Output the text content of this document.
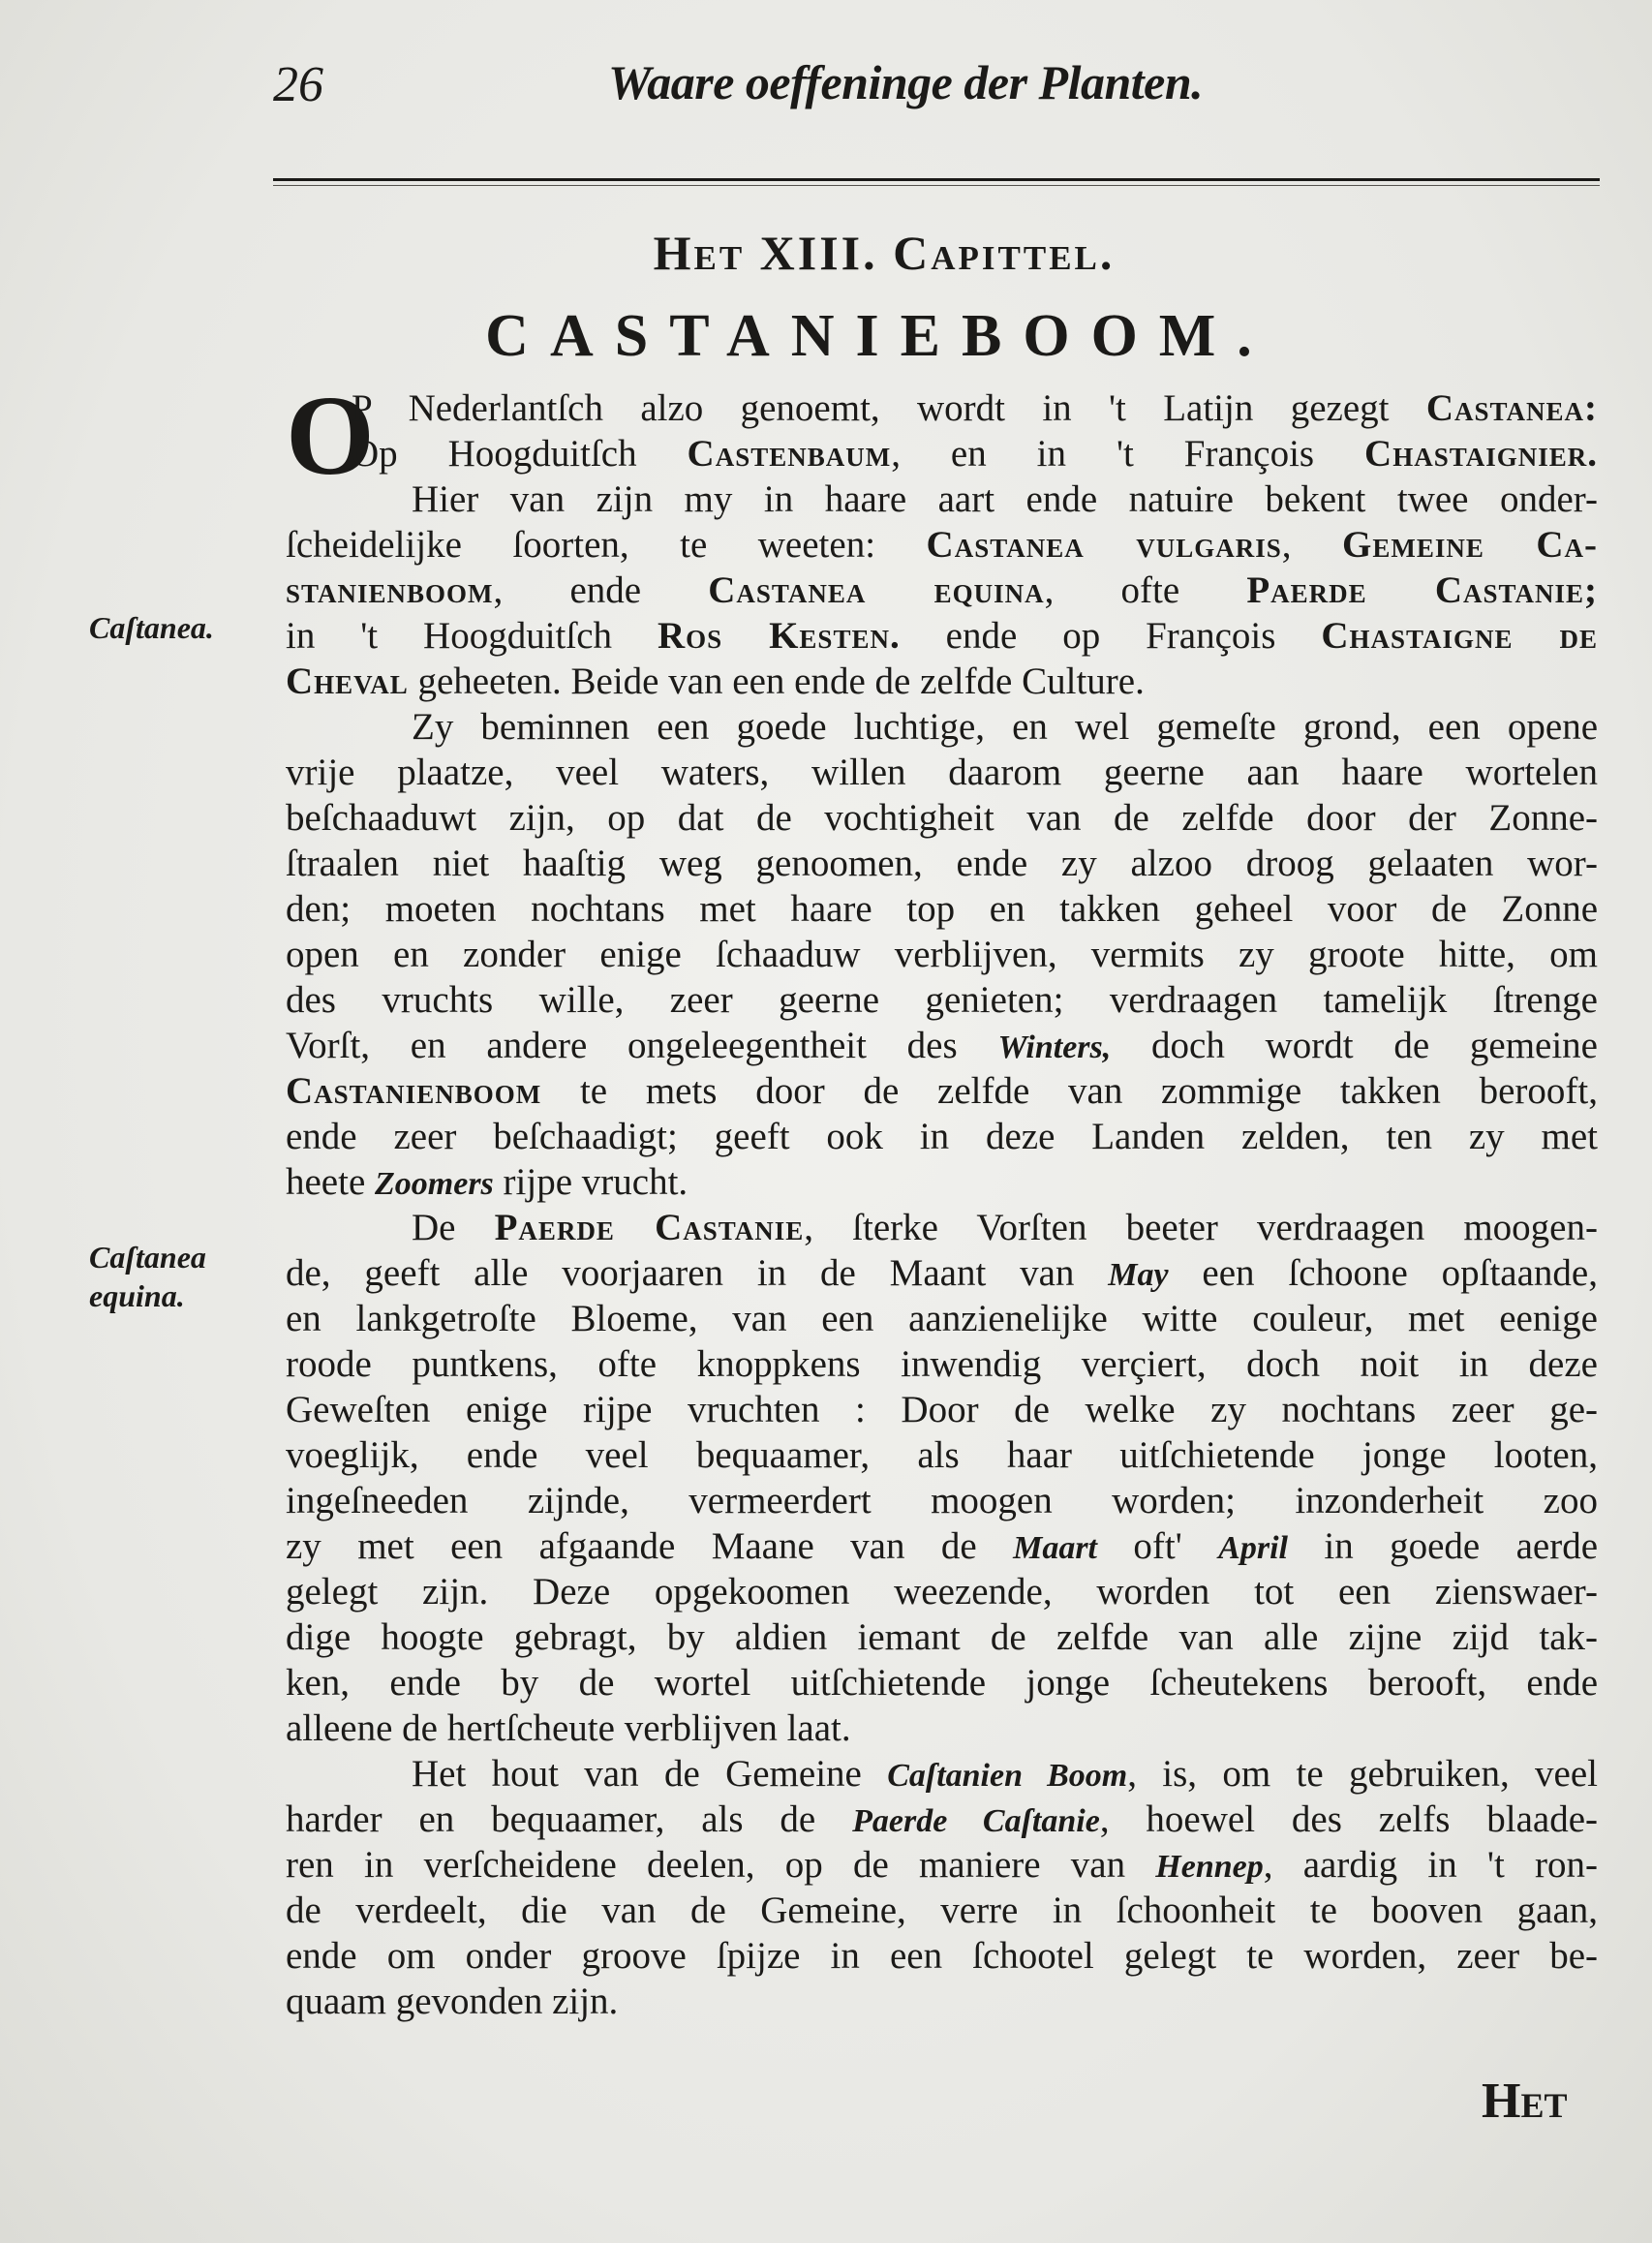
26	Waare oeffeninge der Planten.
Het XIII. Capittel.
CASTANIEBOOM.
O
P Nederlantſch alzo genoemt, wordt in 't Latijn gezegt Castanea:
Op Hoogduitſch Castenbaum, en in 't François Chastaignier.
Hier van zijn my in haare aart ende natuire bekent twee onder-
ſcheidelijke ſoorten, te weeten: Castanea vulgaris, Gemeine Ca-
stanienboom, ende Castanea equina, ofte Paerde Castanie;
in 't Hoogduitſch Ros Kesten. ende op François Chastaigne de
Cheval geheeten. Beide van een ende de zelfde Culture.
Zy beminnen een goede luchtige, en wel gemeſte grond, een opene
vrije plaatze, veel waters, willen daarom geerne aan haare wortelen
beſchaaduwt zijn, op dat de vochtigheit van de zelfde door der Zonne-
ſtraalen niet haaſtig weg genoomen, ende zy alzoo droog gelaaten wor-
den; moeten nochtans met haare top en takken geheel voor de Zonne
open en zonder enige ſchaaduw verblijven, vermits zy groote hitte, om
des vruchts wille, zeer geerne genieten; verdraagen tamelijk ſtrenge
Vorſt, en andere ongeleegentheit des Winters, doch wordt de gemeine
Castanienboom te mets door de zelfde van zommige takken berooft,
ende zeer beſchaadigt; geeft ook in deze Landen zelden, ten zy met
heete Zoomers rijpe vrucht.
De Paerde Castanie, ſterke Vorſten beeter verdraagen moogen-
de, geeft alle voorjaaren in de Maant van May een ſchoone opſtaande,
en lankgetroſte Bloeme, van een aanzienelijke witte couleur, met eenige
roode puntkens, ofte knoppkens inwendig verçiert, doch noit in deze
Geweſten enige rijpe vruchten : Door de welke zy nochtans zeer ge-
voeglijk, ende veel bequaamer, als haar uitſchietende jonge looten,
ingeſneeden zijnde, vermeerdert moogen worden; inzonderheit zoo
zy met een afgaande Maane van de Maart oft' April in goede aerde
gelegt zijn. Deze opgekoomen weezende, worden tot een zienswaer-
dige hoogte gebragt, by aldien iemant de zelfde van alle zijne zijd tak-
ken, ende by de wortel uitſchietende jonge ſcheutekens berooft, ende
alleene de hertſcheute verblijven laat.
Het hout van de Gemeine Caſtanien Boom, is, om te gebruiken, veel
harder en bequaamer, als de Paerde Caſtanie, hoewel des zelfs blaade-
ren in verſcheidene deelen, op de maniere van Hennep, aardig in 't ron-
de verdeelt, die van de Gemeine, verre in ſchoonheit te booven gaan,
ende om onder groove ſpijze in een ſchootel gelegt te worden, zeer be-
quaam gevonden zijn.
Caſtanea.
Caſtanea equina.
Het
